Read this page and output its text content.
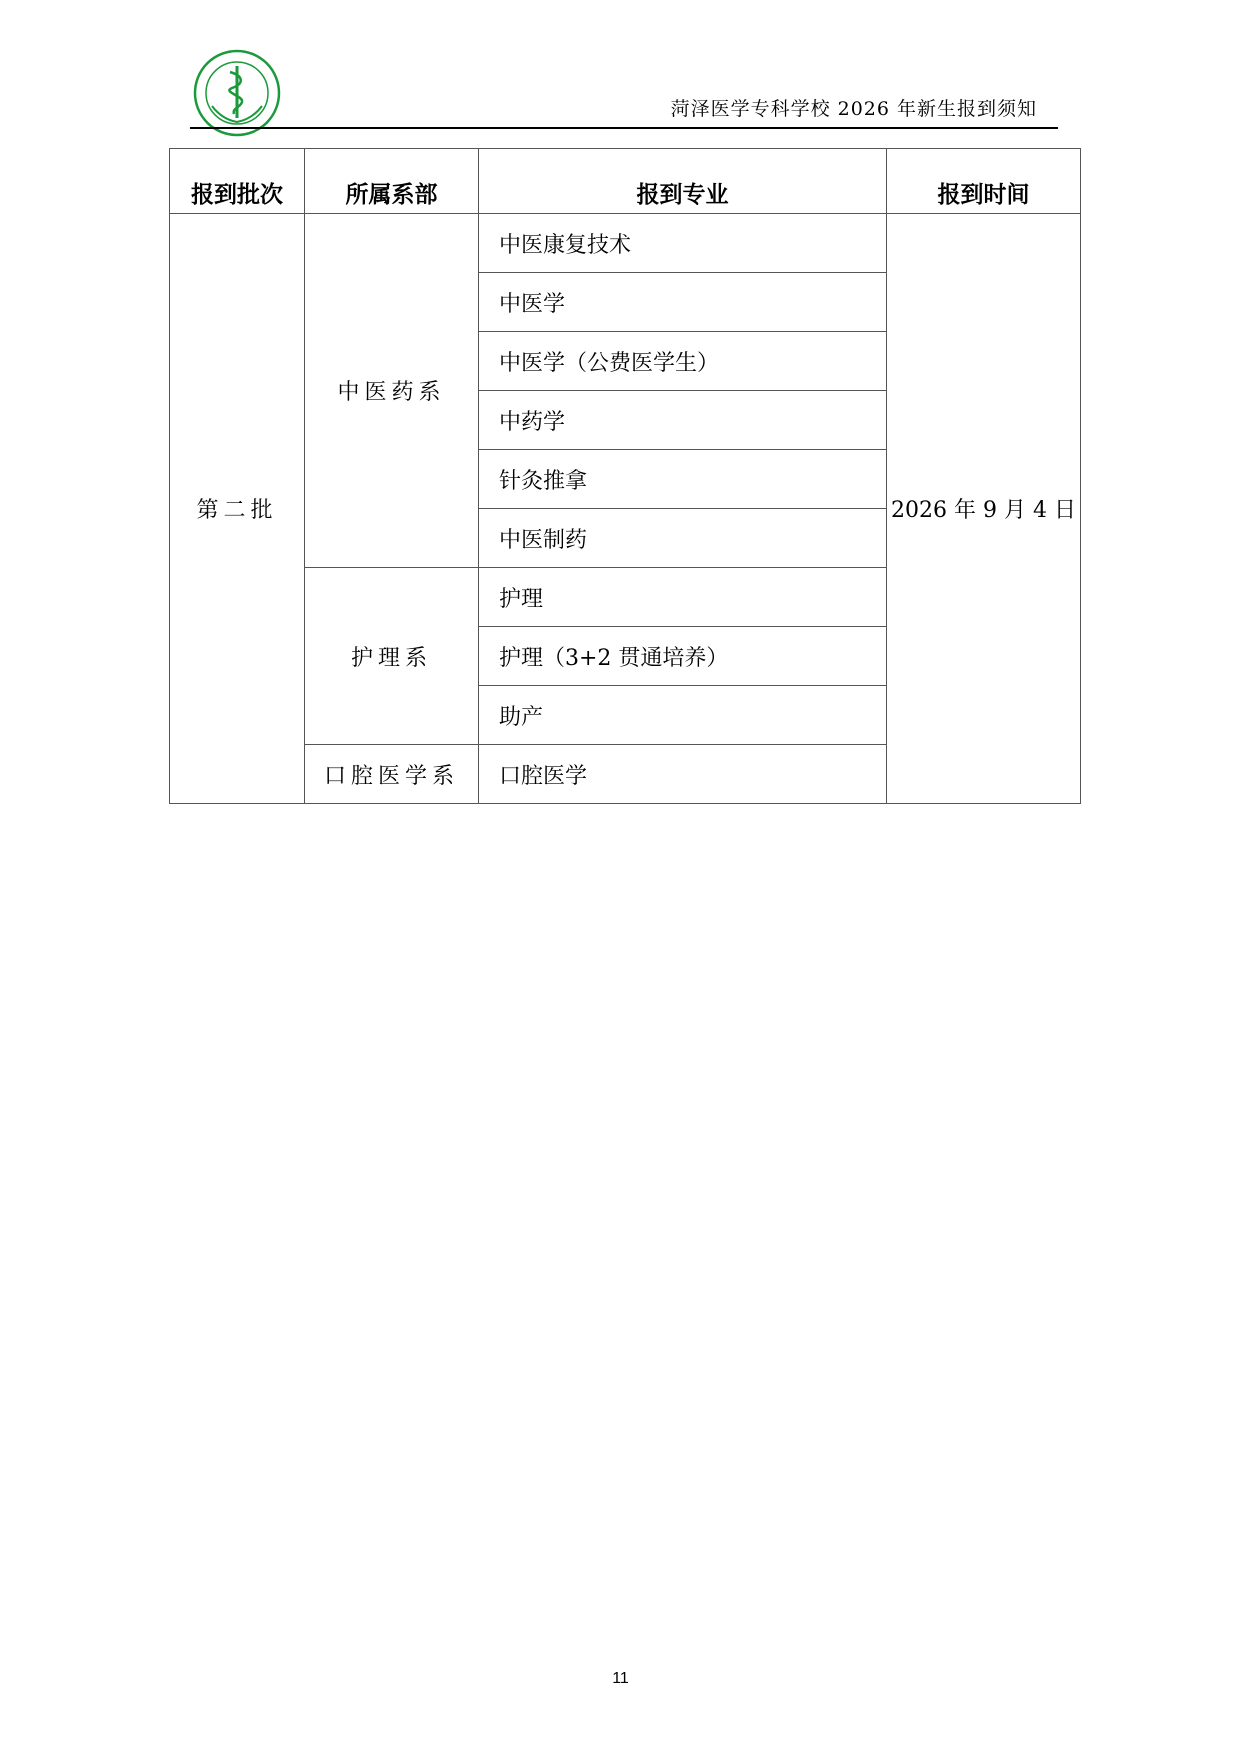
菏泽医学专科学校 2026 年新生报到须知
报到批次	所属系部	报到专业	报到时间
第二批	中医药系	中医康复技术	2026 年 9 月 4 日
		中医学	
		中医学（公费医学生）	
		中药学	
		针灸推拿	
		中医制药	
	护理系	护理	
		护理（3+2 贯通培养）	
		助产	
	口腔医学系	口腔医学	
11
